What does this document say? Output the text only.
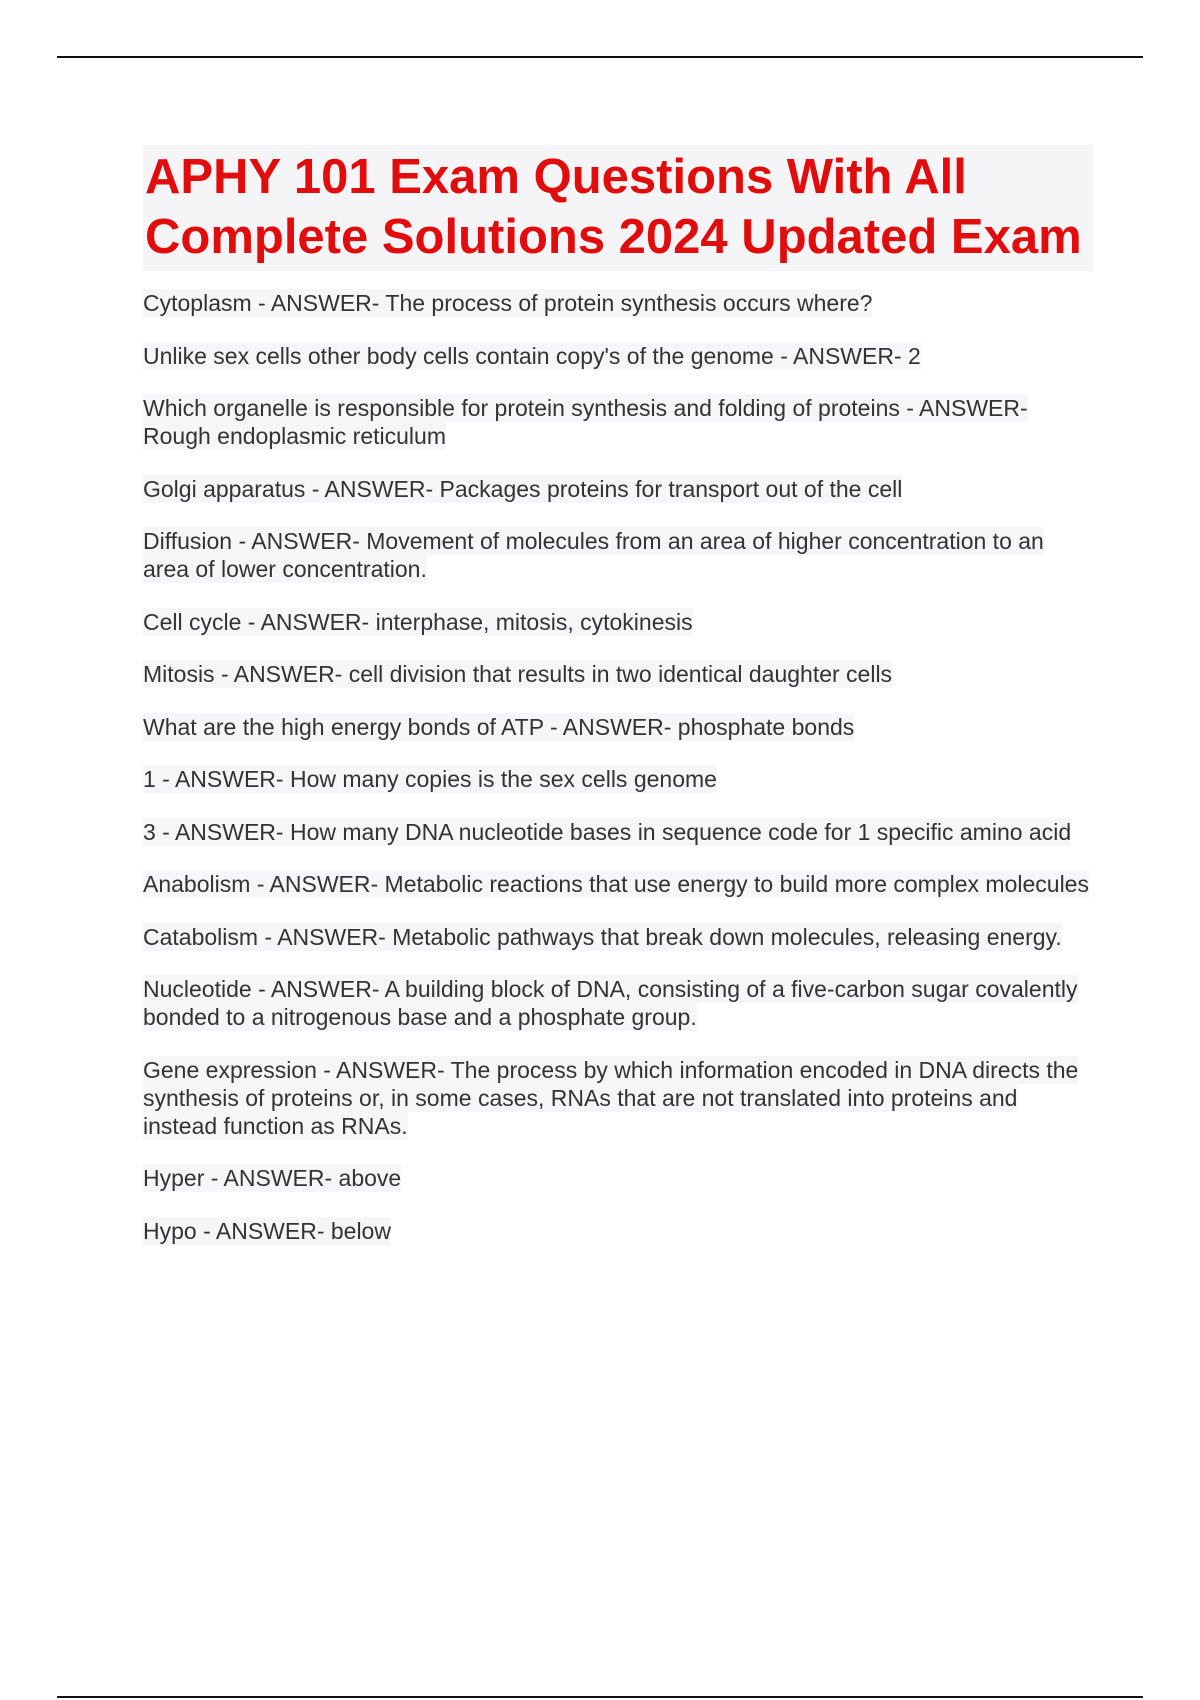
APHY 101 Exam Questions With All Complete Solutions 2024 Updated Exam
Cytoplasm - ANSWER- The process of protein synthesis occurs where?
Unlike sex cells other body cells contain copy's of the genome - ANSWER- 2
Which organelle is responsible for protein synthesis and folding of proteins - ANSWER- Rough endoplasmic reticulum
Golgi apparatus - ANSWER- Packages proteins for transport out of the cell
Diffusion - ANSWER- Movement of molecules from an area of higher concentration to an area of lower concentration.
Cell cycle - ANSWER- interphase, mitosis, cytokinesis
Mitosis - ANSWER- cell division that results in two identical daughter cells
What are the high energy bonds of ATP - ANSWER- phosphate bonds
1 - ANSWER- How many copies is the sex cells genome
3 - ANSWER- How many DNA nucleotide bases in sequence code for 1 specific amino acid
Anabolism - ANSWER- Metabolic reactions that use energy to build more complex molecules
Catabolism - ANSWER- Metabolic pathways that break down molecules, releasing energy.
Nucleotide - ANSWER- A building block of DNA, consisting of a five-carbon sugar covalently bonded to a nitrogenous base and a phosphate group.
Gene expression - ANSWER- The process by which information encoded in DNA directs the synthesis of proteins or, in some cases, RNAs that are not translated into proteins and instead function as RNAs.
Hyper - ANSWER- above
Hypo - ANSWER- below
